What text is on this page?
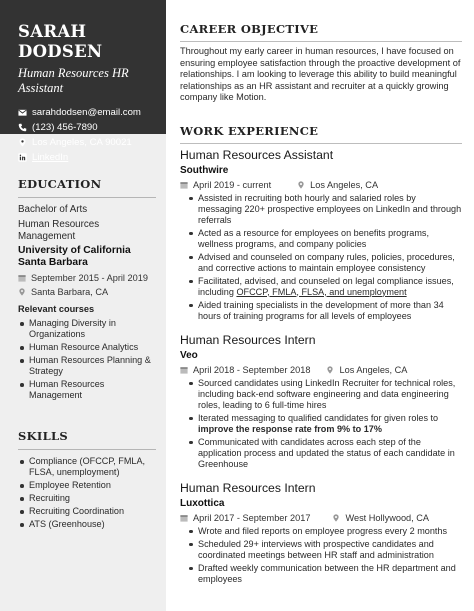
SARAH DODSEN
Human Resources HR Assistant
sarahdodsen@email.com
(123) 456-7890
Los Angeles, CA 90021
LinkedIn
EDUCATION
Bachelor of Arts
Human Resources Management
University of California Santa Barbara
September 2015 - April 2019
Santa Barbara, CA
Relevant courses
Managing Diversity in Organizations
Human Resource Analytics
Human Resources Planning & Strategy
Human Resources Management
SKILLS
Compliance (OFCCP, FMLA, FLSA, unemployment)
Employee Retention
Recruiting
Recruiting Coordination
ATS (Greenhouse)
CAREER OBJECTIVE
Throughout my early career in human resources, I have focused on ensuring employee satisfaction through the proactive development of relationships. I am looking to leverage this ability to build meaningful relationships as an HR assistant and recruiter at a quickly growing company like Motion.
WORK EXPERIENCE
Human Resources Assistant
Southwire
April 2019 - current	Los Angeles, CA
Assisted in recruiting both hourly and salaried roles by messaging 220+ prospective employees on LinkedIn and through referrals
Acted as a resource for employees on benefits programs, wellness programs, and company policies
Advised and counseled on company rules, policies, procedures, and corrective actions to maintain employee consistency
Facilitated, advised, and counseled on legal compliance issues, including OFCCP, FMLA, FLSA, and unemployment
Aided training specialists in the development of more than 34 hours of training programs for all levels of employees
Human Resources Intern
Veo
April 2018 - September 2018	Los Angeles, CA
Sourced candidates using LinkedIn Recruiter for technical roles, including back-end software engineering and data engineering roles, leading to 6 full-time hires
Iterated messaging to qualified candidates for given roles to improve the response rate from 9% to 17%
Communicated with candidates across each step of the application process and updated the status of each candidate in Greenhouse
Human Resources Intern
Luxottica
April 2017 - September 2017	West Hollywood, CA
Wrote and filed reports on employee progress every 2 months
Scheduled 29+ interviews with prospective candidates and coordinated meetings between HR staff and administration
Drafted weekly communication between the HR department and employees
